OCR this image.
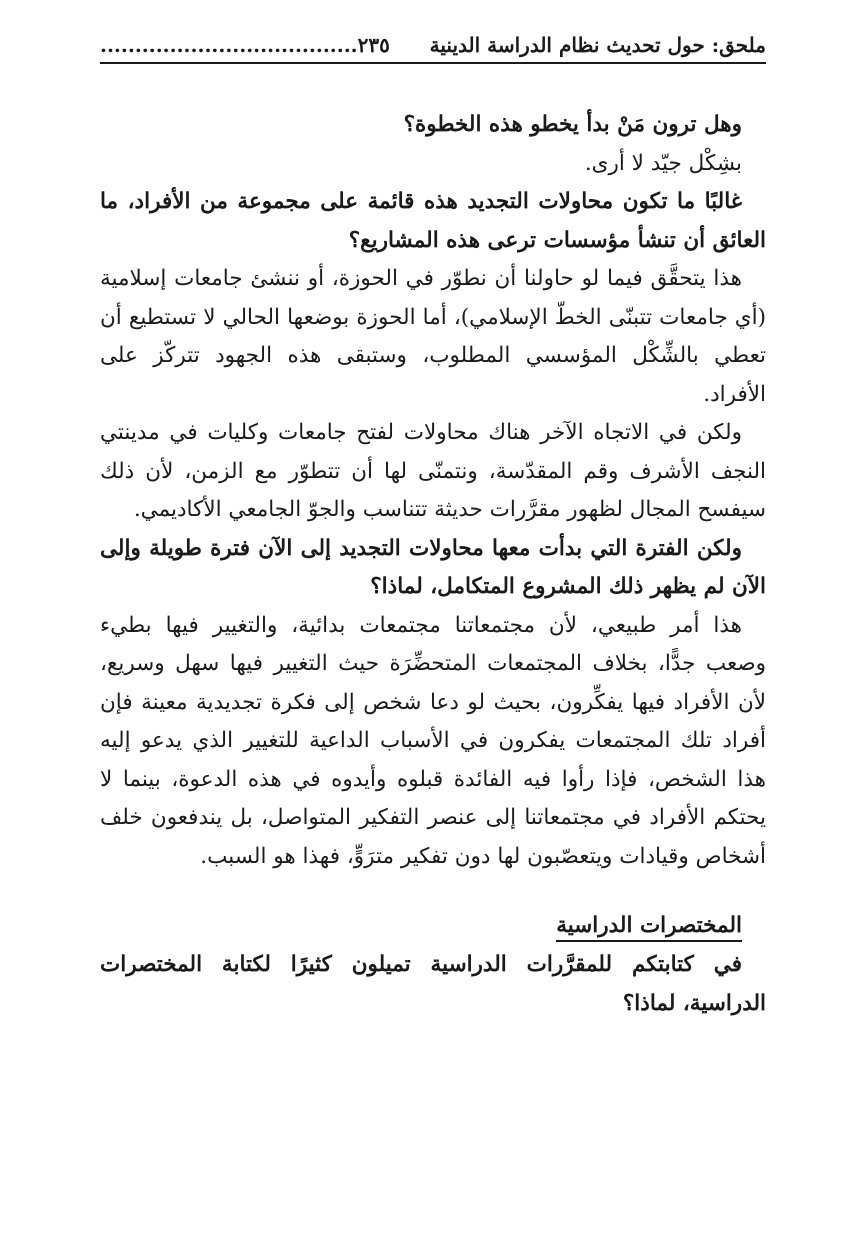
ملحق: حول تحديث نظام الدراسة الدينية
٢٣٥.....................................

وهل ترون مَنْ بدأ يخطو هذه الخطوة؟

بشِكْل جيّد لا أرى.

غالبًا ما تكون محاولات التجديد هذه قائمة على مجموعة من الأفراد، ما العائق أن تنشأ مؤسسات ترعى هذه المشاريع؟

هذا يتحقَّق فيما لو حاولنا أن نطوّر في الحوزة، أو ننشئ جامعات إسلامية (أي جامعات تتبنّى الخطّ الإسلامي)، أما الحوزة بوضعها الحالي لا تستطيع أن تعطي بالشِّكْل المؤسسي المطلوب، وستبقى هذه الجهود تتركّز على الأفراد.

ولكن في الاتجاه الآخر هناك محاولات لفتح جامعات وكليات في مدينتي النجف الأشرف وقم المقدّسة، ونتمنّى لها أن تتطوّر مع الزمن، لأن ذلك سيفسح المجال لظهور مقرَّرات حديثة تتناسب والجوّ الجامعي الأكاديمي.

ولكن الفترة التي بدأت معها محاولات التجديد إلى الآن فترة طويلة وإلى الآن لم يظهر ذلك المشروع المتكامل، لماذا؟

هذا أمر طبيعي، لأن مجتمعاتنا مجتمعات بدائية، والتغيير فيها بطيء وصعب جدًّا، بخلاف المجتمعات المتحضِّرَة حيث التغيير فيها سهل وسريع، لأن الأفراد فيها يفكِّرون، بحيث لو دعا شخص إلى فكرة تجديدية معينة فإن أفراد تلك المجتمعات يفكرون في الأسباب الداعية للتغيير الذي يدعو إليه هذا الشخص، فإذا رأوا فيه الفائدة قبلوه وأيدوه في هذه الدعوة، بينما لا يحتكم الأفراد في مجتمعاتنا إلى عنصر التفكير المتواصل، بل يندفعون خلف أشخاص وقيادات ويتعصّبون لها دون تفكير مترَوٍّ، فهذا هو السبب.

المختصرات الدراسية

في كتابتكم للمقرَّرات الدراسية تميلون كثيرًا لكتابة المختصرات الدراسية، لماذا؟
